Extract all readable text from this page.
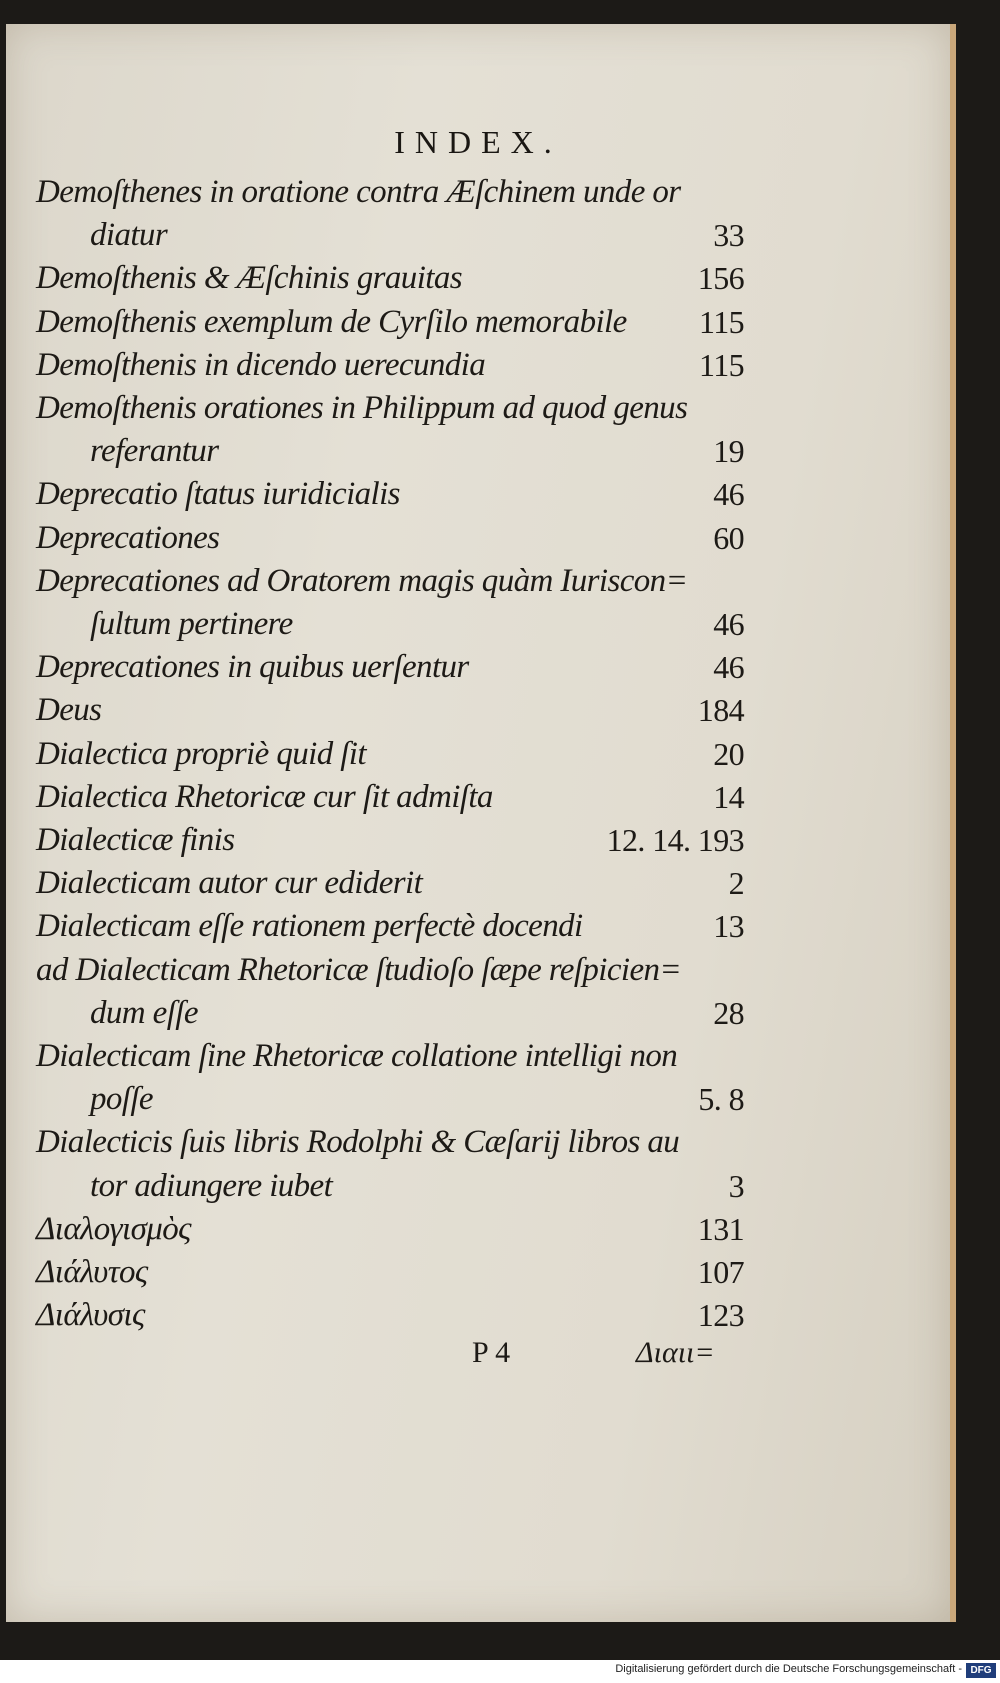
INDEX.
Demoſthenes in oratione contra Æſchinem unde or
diatur	33
Demoſthenis & Æſchinis grauitas	156
Demoſthenis exemplum de Cyrſilo memorabile 115
Demoſthenis in dicendo uerecundia	115
Demoſthenis orationes in Philippum ad quod genus
referantur	19
Deprecatio ſtatus iuridicialis	46
Deprecationes	60
Deprecationes ad Oratorem magis quàm Iuriscon=
ſultum pertinere	46
Deprecationes in quibus uerſentur	46
Deus	184
Dialectica propriè quid ſit	20
Dialectica Rhetoricæ cur ſit admiſta	14
Dialecticæ finis	12. 14. 193
Dialecticam autor cur ediderit	2
Dialecticam eſſe rationem perfectè docendi	13
ad Dialecticam Rhetoricæ ſtudioſo ſæpe reſpicien=
dum eſſe	28
Dialecticam ſine Rhetoricæ collatione intelligi non
poſſe	5. 8
Dialecticis ſuis libris Rodolphi & Cæſarij libros au
tor adiungere iubet	3
Διαλογισμὸς	131
Διάλυτος	107
Διάλυσις	123
P 4	Διαιι=
Digitalisierung gefördert durch die Deutsche Forschungsgemeinschaft - DFG
